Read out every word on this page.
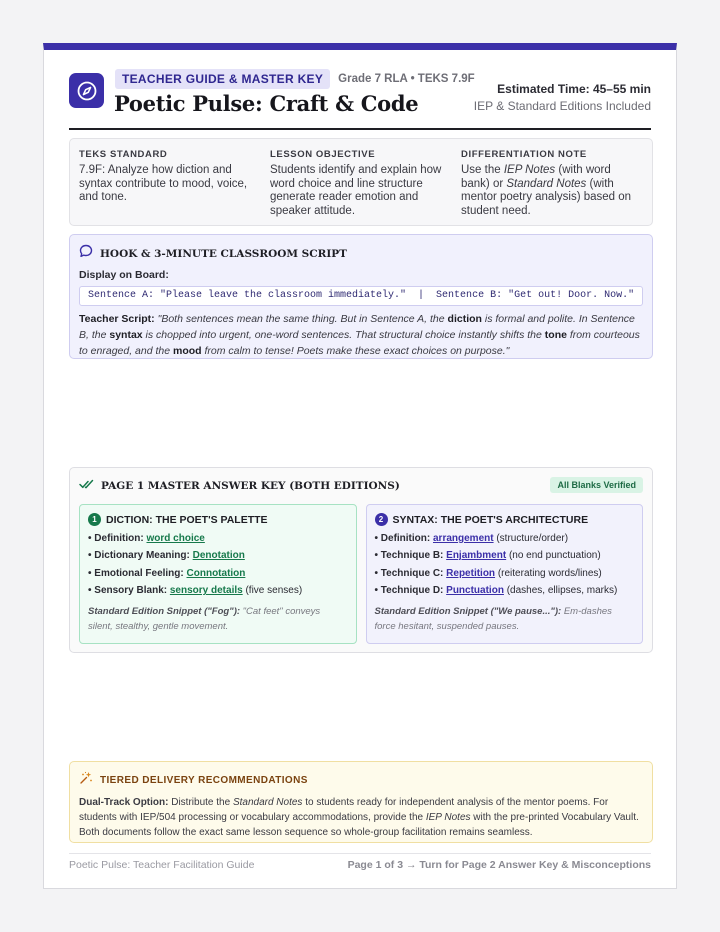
TEACHER GUIDE & MASTER KEY	Grade 7 RLA • TEKS 7.9F
Poetic Pulse: Craft & Code
Estimated Time: 45–55 min
IEP & Standard Editions Included
TEKS STANDARD
7.9F: Analyze how diction and syntax contribute to mood, voice, and tone.
LESSON OBJECTIVE
Students identify and explain how word choice and line structure generate reader emotion and speaker attitude.
DIFFERENTIATION NOTE
Use the IEP Notes (with word bank) or Standard Notes (with mentor poetry analysis) based on student need.
HOOK & 3-MINUTE CLASSROOM SCRIPT
Display on Board:
Sentence A: "Please leave the classroom immediately."  |  Sentence B: "Get out! Door. Now."
Teacher Script: "Both sentences mean the same thing. But in Sentence A, the diction is formal and polite. In Sentence B, the syntax is chopped into urgent, one-word sentences. That structural choice instantly shifts the tone from courteous to enraged, and the mood from calm to tense! Poets make these exact choices on purpose."
PAGE 1 MASTER ANSWER KEY (BOTH EDITIONS)	All Blanks Verified
1 DICTION: THE POET'S PALETTE
• Definition: word choice
• Dictionary Meaning: Denotation
• Emotional Feeling: Connotation
• Sensory Blank: sensory details (five senses)
Standard Edition Snippet ("Fog"): "Cat feet" conveys silent, stealthy, gentle movement.
2 SYNTAX: THE POET'S ARCHITECTURE
• Definition: arrangement (structure/order)
• Technique B: Enjambment (no end punctuation)
• Technique C: Repetition (reiterating words/lines)
• Technique D: Punctuation (dashes, ellipses, marks)
Standard Edition Snippet ("We pause..."): Em-dashes force hesitant, suspended pauses.
TIERED DELIVERY RECOMMENDATIONS
Dual-Track Option: Distribute the Standard Notes to students ready for independent analysis of the mentor poems. For students with IEP/504 processing or vocabulary accommodations, provide the IEP Notes with the pre-printed Vocabulary Vault. Both documents follow the exact same lesson sequence so whole-group facilitation remains seamless.
Poetic Pulse: Teacher Facilitation Guide	Page 1 of 3 → Turn for Page 2 Answer Key & Misconceptions
